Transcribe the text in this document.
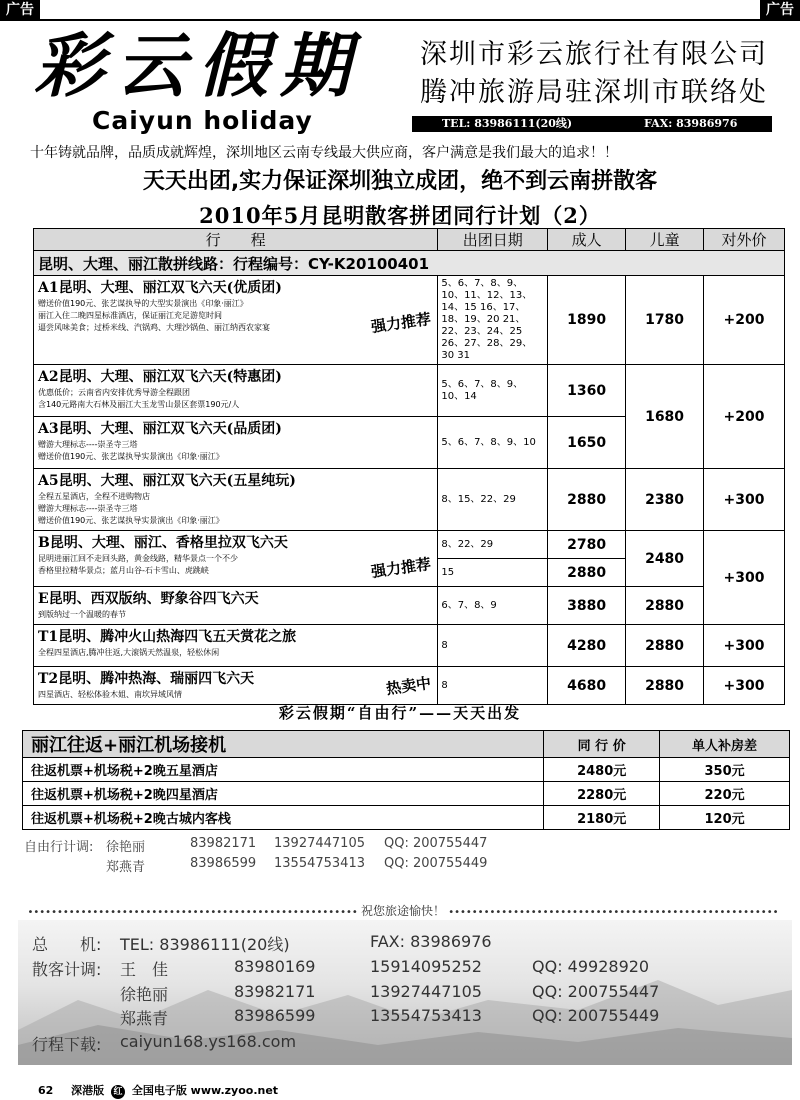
广告	广告
彩云假期
Caiyun holiday
深圳市彩云旅行社有限公司
腾冲旅游局驻深圳市联络处
TEL: 83986111(20线)	FAX: 83986976
十年铸就品牌，品质成就辉煌，深圳地区云南专线最大供应商，客户满意是我们最大的追求！！
天天出团,实力保证深圳独立成团，绝不到云南拼散客
2010年5月昆明散客拼团同行计划（2）
行　　程	出团日期	成人	儿童	对外价
昆明、大理、丽江散拼线路：行程编号：CY-K20100401				

A1昆明、大理、丽江双飞六天(优质团)
赠送价值190元、张艺谋执导的大型实景演出《印象·丽江》
丽江入住二晚四星标准酒店，保证丽江充足游览时间
逼尝风味美食；过桥米线、汽锅鸡、大理沙锅鱼、丽江纳西农家宴 强力推荐	5、6、7、8、9、10、11、12、13、14、15 16、17、18、19、20 21、22、23、24、25 26、27、28、29、30 31	1890	1780	+200

A2昆明、大理、丽江双飞六天(特惠团)
优惠低价；云南省内安排优秀导游全程跟团
含140元路南大石林及丽江大玉龙雪山景区套票190元/人	5、6、7、8、9、10、14	1360	1680	+200

A3昆明、大理、丽江双飞六天(品质团)
赠游大理标志----崇圣寺三塔
赠送价值190元、张艺谋执导实景演出《印象·丽江》	5、6、7、8、9、10	1650		

A5昆明、大理、丽江双飞六天(五星纯玩)
全程五星酒店，全程不进购物店
赠游大理标志----崇圣寺三塔
赠送价值190元、张艺谋执导实景演出《印象·丽江》	8、15、22、29	2880	2380	+300

B昆明、大理、丽江、香格里拉双飞六天
昆明进丽江回不走回头路，黄金线路，精华景点一个不少
香格里拉精华景点；蓝月山谷-石卡雪山、虎跳峡 强力推荐	8、22、29	2780	2480	+300
	15	2880		

E昆明、西双版纳、野象谷四飞六天
到版纳过一个温暖的春节	6、7、8、9	3880	2880	

T1昆明、腾冲火山热海四飞五天赏花之旅
全程四星酒店,腾冲往返,大滚锅天然温泉，轻松休闲	8	4280	2880	+300

T2昆明、腾冲热海、瑞丽四飞六天
四星酒店、轻松体验木姐、南坎异域风情 热卖中	8	4680	2880	+300
彩云假期“自由行”——天天出发
丽江往返+丽江机场接机	同 行 价	单人补房差
往返机票+机场税+2晚五星酒店	2480元	350元
往返机票+机场税+2晚四星酒店	2280元	220元
往返机票+机场税+2晚古城内客栈	2180元	120元
自由行计调: 徐艳丽	83982171 13927447105 QQ: 200755447
郑燕青	83986599 13554753413 QQ: 200755449
•••••••••••••••••••••••••••••••••••••••••••••••••••••••• 祝您旅途愉快！ ••••••••••••••••••••••••••••••••••••••••••••••••••••••••
总　　机: TEL: 83986111(20线)	FAX: 83986976
散客计调: 王　佳	83980169	15914095252	QQ: 49928920
徐艳丽	83982171	13927447105	QQ: 200755447
郑燕青	83986599	13554753413	QQ: 200755449
行程下载: caiyun168.ys168.com
62 深港版 红 全国电子版 www.zyoo.net
